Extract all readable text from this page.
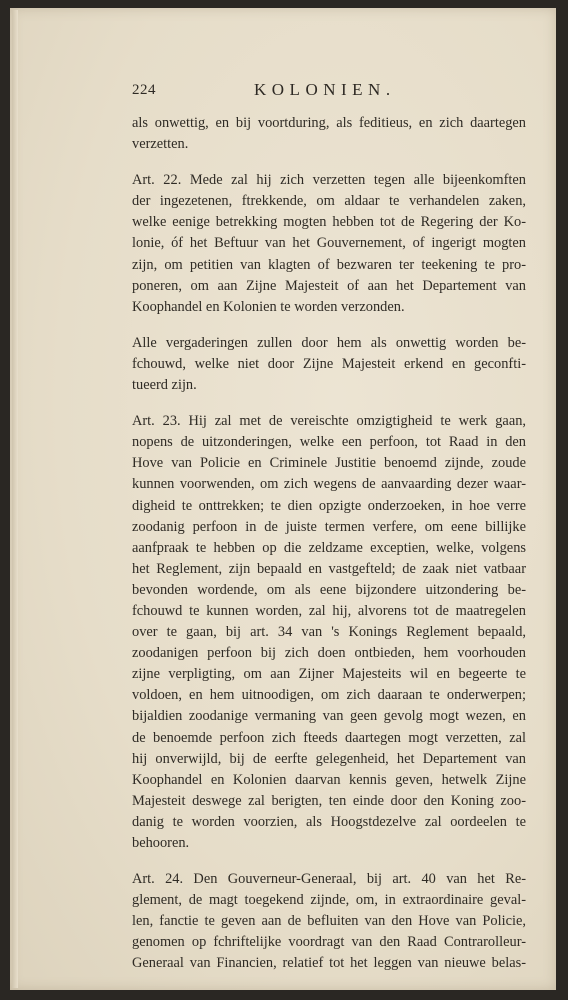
224	KOLONIEN.
als onwettig, en bij voortduring, als feditieus, en zich daartegen
verzetten.
Art. 22. Mede zal hij zich verzetten tegen alle bijeenkomften
der ingezetenen, ftrekkende, om aldaar te verhandelen zaken,
welke eenige betrekking mogten hebben tot de Regering der Ko-
lonie, óf het Beftuur van het Gouvernement, of ingerigt mogten
zijn, om petitien van klagten of bezwaren ter teekening te pro-
poneren, om aan Zijne Majesteit of aan het Departement van
Koophandel en Kolonien te worden verzonden.
Alle vergaderingen zullen door hem als onwettig worden be-
fchouwd, welke niet door Zijne Majesteit erkend en geconfti-
tueerd zijn.
Art. 23. Hij zal met de vereischte omzigtigheid te werk gaan,
nopens de uitzonderingen, welke een perfoon, tot Raad in den
Hove van Policie en Criminele Justitie benoemd zijnde, zoude
kunnen voorwenden, om zich wegens de aanvaarding dezer waar-
digheid te onttrekken; te dien opzigte onderzoeken, in hoe verre
zoodanig perfoon in de juiste termen verfere, om eene billijke
aanfpraak te hebben op die zeldzame exceptien, welke, volgens
het Reglement, zijn bepaald en vastgefteld; de zaak niet vatbaar
bevonden wordende, om als eene bijzondere uitzondering be-
fchouwd te kunnen worden, zal hij, alvorens tot de maatregelen
over te gaan, bij art. 34 van 's Konings Reglement bepaald,
zoodanigen perfoon bij zich doen ontbieden, hem voorhouden
zijne verpligting, om aan Zijner Majesteits wil en begeerte te
voldoen, en hem uitnoodigen, om zich daaraan te onderwerpen;
bijaldien zoodanige vermaning van geen gevolg mogt wezen, en
de benoemde perfoon zich fteeds daartegen mogt verzetten, zal
hij onverwijld, bij de eerfte gelegenheid, het Departement van
Koophandel en Kolonien daarvan kennis geven, hetwelk Zijne
Majesteit deswege zal berigten, ten einde door den Koning zoo-
danig te worden voorzien, als Hoogstdezelve zal oordeelen te
behooren.
Art. 24. Den Gouverneur-Generaal, bij art. 40 van het Re-
glement, de magt toegekend zijnde, om, in extraordinaire geval-
len, fanctie te geven aan de befluiten van den Hove van Policie,
genomen op fchriftelijke voordragt van den Raad Contrarolleur-
Generaal van Financien, relatief tot het leggen van nieuwe belas-
